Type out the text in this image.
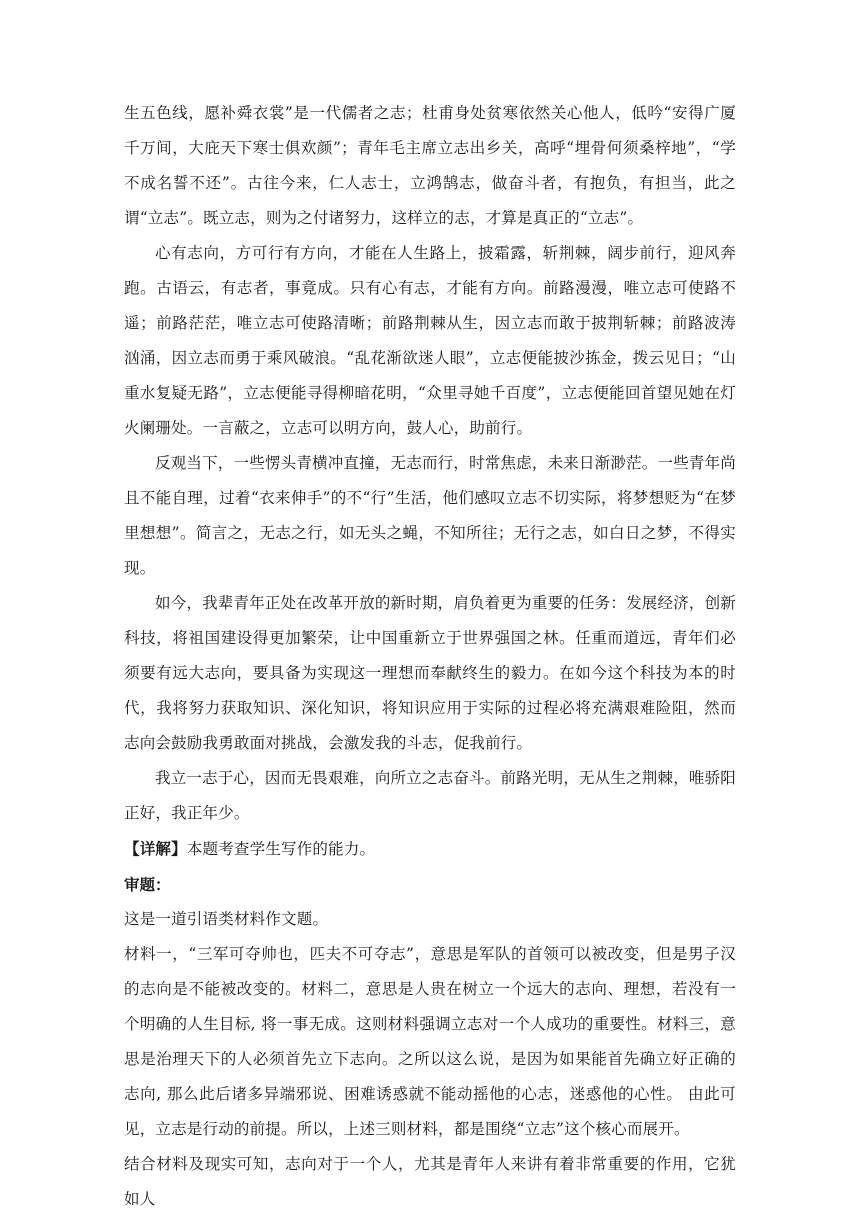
生五色线，愿补舜衣裳”是一代儒者之志；杜甫身处贫寒依然关心他人，低吟“安得广厦千万间，大庇天下寒士俱欢颜”；青年毛主席立志出乡关，高呼“埋骨何须桑梓地”，“学不成名誓不还”。古往今来，仁人志士，立鸿鹄志，做奋斗者，有抱负，有担当，此之谓“立志”。既立志，则为之付诸努力，这样立的志，才算是真正的“立志”。

心有志向，方可行有方向，才能在人生路上，披霜露，斩荆棘，阔步前行，迎风奔跑。古语云，有志者，事竟成。只有心有志，才能有方向。前路漫漫，唯立志可使路不遥；前路茫茫，唯立志可使路清晰；前路荆棘从生，因立志而敢于披荆斩棘；前路波涛汹涌，因立志而勇于乘风破浪。“乱花渐欲迷人眼”，立志便能披沙拣金，拨云见日；“山重水复疑无路”，立志便能寻得柳暗花明，“众里寻她千百度”，立志便能回首望见她在灯火阑珊处。一言蔽之，立志可以明方向，鼓人心，助前行。

反观当下，一些愣头青横冲直撞，无志而行，时常焦虑，未来日渐渺茫。一些青年尚且不能自理，过着“衣来伸手”的不“行”生活，他们感叹立志不切实际，将梦想贬为“在梦里想想”。简言之，无志之行，如无头之蝇，不知所往；无行之志，如白日之梦，不得实现。

如今，我辈青年正处在改革开放的新时期，肩负着更为重要的任务：发展经济，创新科技，将祖国建设得更加繁荣，让中国重新立于世界强国之林。任重而道远，青年们必须要有远大志向，要具备为实现这一理想而奉献终生的毅力。在如今这个科技为本的时代，我将努力获取知识、深化知识，将知识应用于实际的过程必将充满艰难险阻，然而志向会鼓励我勇敢面对挑战，会激发我的斗志，促我前行。

我立一志于心，因而无畏艰难，向所立之志奋斗。前路光明，无从生之荆棘，唯骄阳正好，我正年少。

【详解】本题考查学生写作的能力。

审题：

这是一道引语类材料作文题。

材料一，“三军可夺帅也，匹夫不可夺志”，意思是军队的首领可以被改变，但是男子汉的志向是不能被改变的。材料二，意思是人贵在树立一个远大的志向、理想，若没有一个明确的人生目标, 将一事无成。这则材料强调立志对一个人成功的重要性。材料三，意思是治理天下的人必须首先立下志向。之所以这么说，是因为如果能首先确立好正确的志向, 那么此后诸多异端邪说、困难诱惑就不能动摇他的心志，迷惑他的心性。 由此可见，立志是行动的前提。所以，上述三则材料，都是围绕“立志”这个核心而展开。

结合材料及现实可知，志向对于一个人，尤其是青年人来讲有着非常重要的作用，它犹如人
